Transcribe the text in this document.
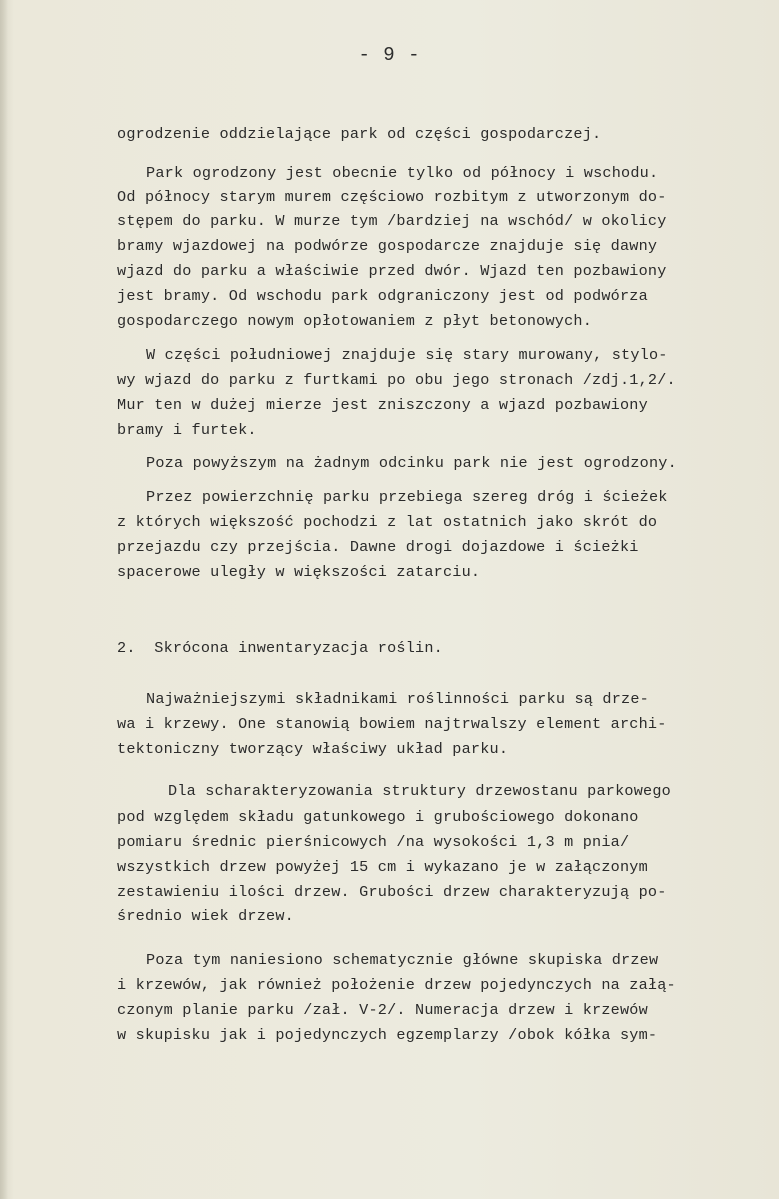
- 9 -
ogrodzenie oddzielające park od części gospodarczej.
Park ogrodzony jest obecnie tylko od północy i wschodu.
Od północy starym murem częściowo rozbitym z utworzonym do-
stępem do parku. W murze tym /bardziej na wschód/ w okolicy
bramy wjazdowej na podwórze gospodarcze znajduje się dawny
wjazd do parku a właściwie przed dwór. Wjazd ten pozbawiony
jest bramy. Od wschodu park odgraniczony jest od podwórza
gospodarczego nowym opłotowaniem z płyt betonowych.
W części południowej znajduje się stary murowany, stylo-
wy wjazd do parku z furtkami po obu jego stronach /zdj.1,2/.
Mur ten w dużej mierze jest zniszczony a wjazd pozbawiony
bramy i furtek.
Poza powyższym na żadnym odcinku park nie jest ogrodzony.
Przez powierzchnię parku przebiega szereg dróg i ścieżek
z których większość pochodzi z lat ostatnich jako skrót do
przejazdu czy przejścia. Dawne drogi dojazdowe i ścieżki
spacerowe uległy w większości zatarciu.
2.  Skrócona inwentaryzacja roślin.
Najważniejszymi składnikami roślinności parku są drze-
wa i krzewy. One stanowią bowiem najtrwalszy element archi-
tektoniczny tworzący właściwy układ parku.
Dla scharakteryzowania struktury drzewostanu parkowego
pod względem składu gatunkowego i grubościowego dokonano
pomiaru średnic pierśnicowych /na wysokości 1,3 m pnia/
wszystkich drzew powyżej 15 cm i wykazano je w załączonym
zestawieniu ilości drzew. Grubości drzew charakteryzują po-
średnio wiek drzew.
Poza tym naniesiono schematycznie główne skupiska drzew
i krzewów, jak również położenie drzew pojedynczych na załą-
czonym planie parku /zał. V-2/. Numeracja drzew i krzewów
w skupisku jak i pojedynczych egzemplarzy /obok kółka sym-
